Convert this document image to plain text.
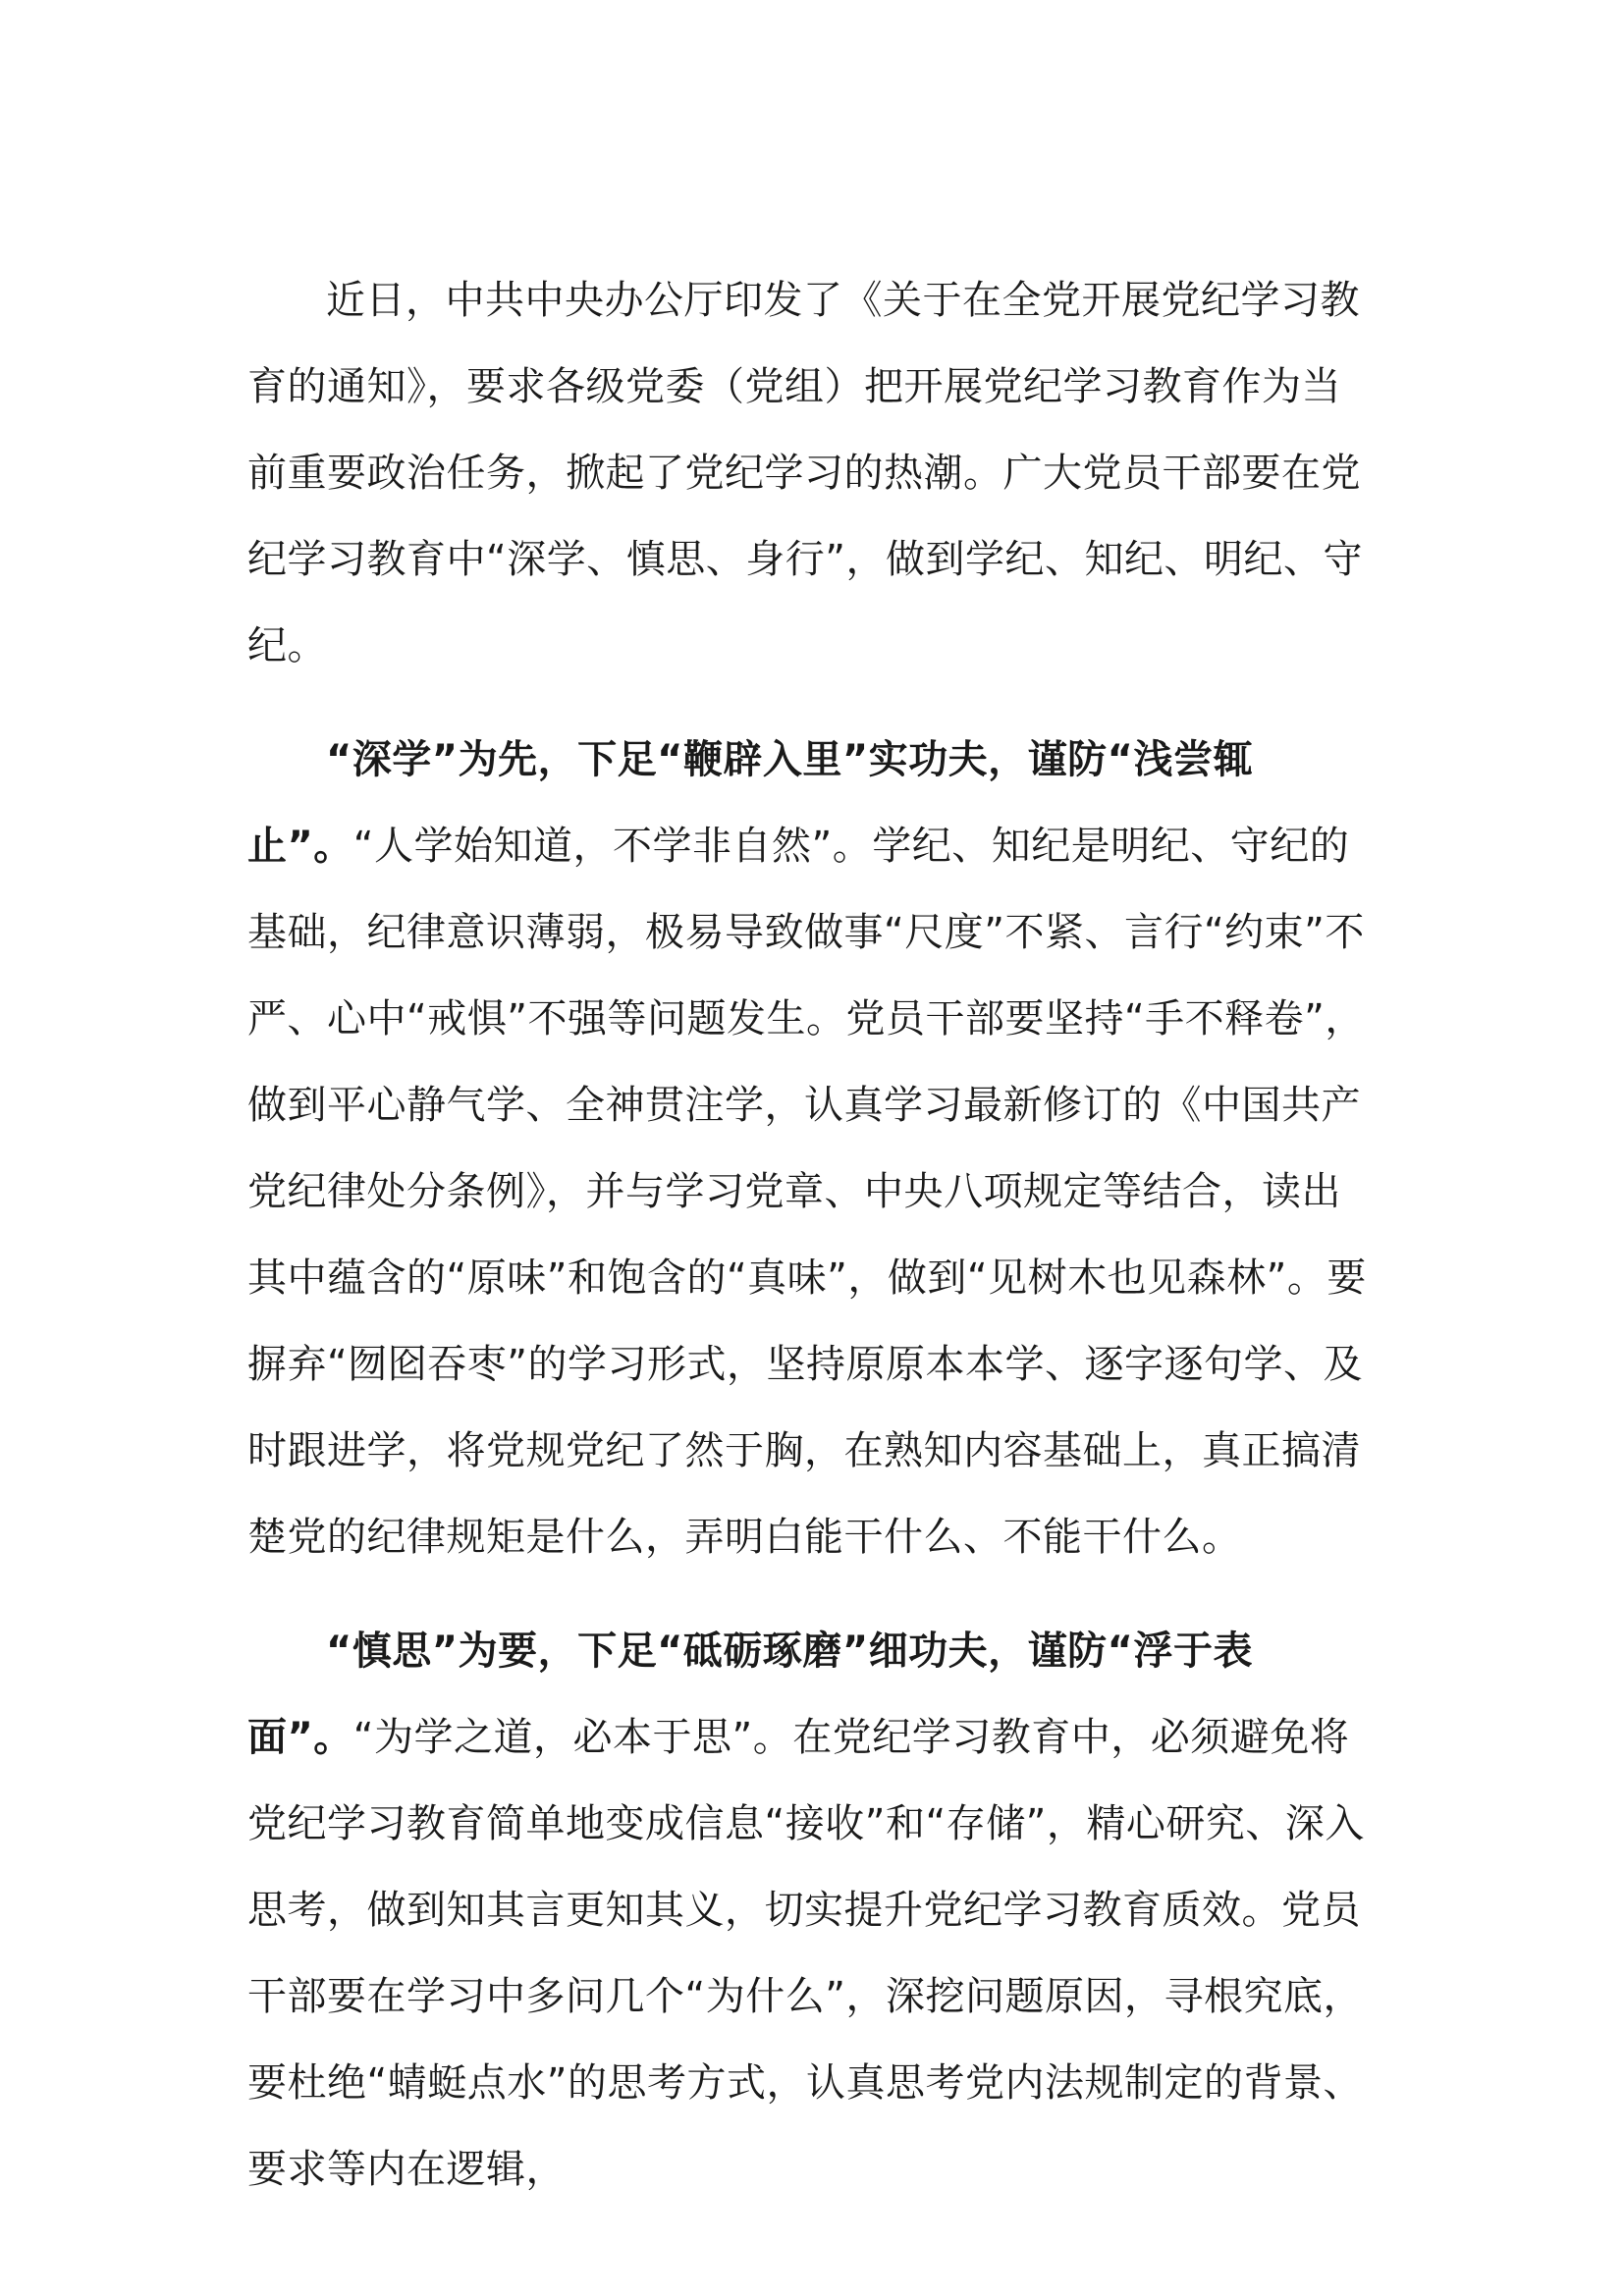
近日，中共中央办公厅印发了《关于在全党开展党纪学习教育的通知》，要求各级党委（党组）把开展党纪学习教育作为当前重要政治任务，掀起了党纪学习的热潮。广大党员干部要在党纪学习教育中“深学、慎思、身行”，做到学纪、知纪、明纪、守纪。

“深学”为先，下足“鞭辟入里”实功夫，谨防“浅尝辄止”。“人学始知道，不学非自然”。学纪、知纪是明纪、守纪的基础，纪律意识薄弱，极易导致做事“尺度”不紧、言行“约束”不严、心中“戒惧”不强等问题发生。党员干部要坚持“手不释卷”，做到平心静气学、全神贯注学，认真学习最新修订的《中国共产党纪律处分条例》，并与学习党章、中央八项规定等结合，读出其中蕴含的“原味”和饱含的“真味”，做到“见树木也见森林”。要摒弃“囫囵吞枣”的学习形式，坚持原原本本学、逐字逐句学、及时跟进学，将党规党纪了然于胸，在熟知内容基础上，真正搞清楚党的纪律规矩是什么，弄明白能干什么、不能干什么。

“慎思”为要，下足“砥砺琢磨”细功夫，谨防“浮于表面”。“为学之道，必本于思”。在党纪学习教育中，必须避免将党纪学习教育简单地变成信息“接收”和“存储”，精心研究、深入思考，做到知其言更知其义，切实提升党纪学习教育质效。党员干部要在学习中多问几个“为什么”，深挖问题原因，寻根究底，要杜绝“蜻蜓点水”的思考方式，认真思考党内法规制定的背景、要求等内在逻辑，
